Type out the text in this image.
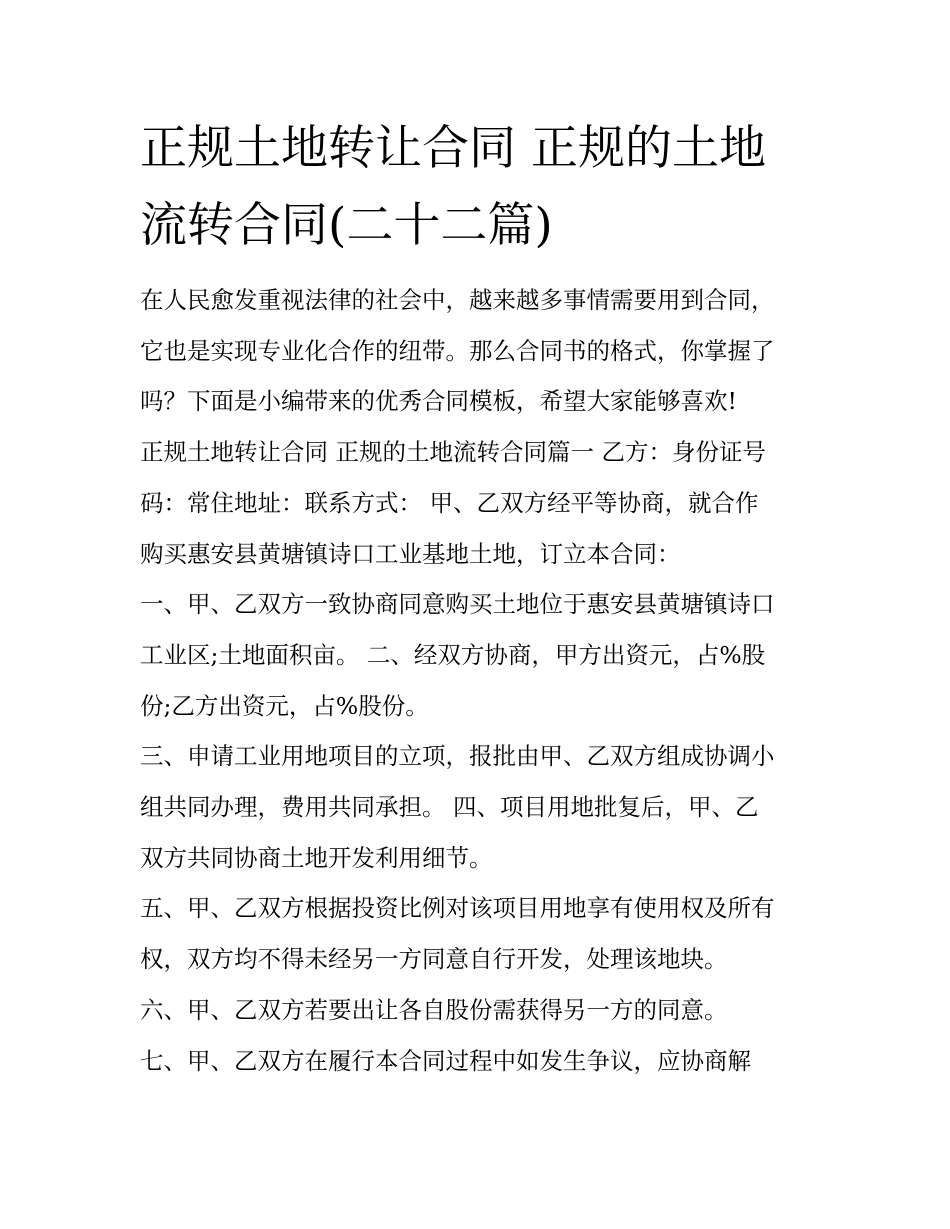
正规土地转让合同 正规的土地
流转合同(二十二篇)

在人民愈发重视法律的社会中，越来越多事情需要用到合同，
它也是实现专业化合作的纽带。那么合同书的格式，你掌握了
吗？下面是小编带来的优秀合同模板，希望大家能够喜欢!

正规土地转让合同 正规的土地流转合同篇一 乙方：身份证号
码：常住地址：联系方式： 甲、乙双方经平等协商，就合作
购买惠安县黄塘镇诗口工业基地土地，订立本合同：

一、甲、乙双方一致协商同意购买土地位于惠安县黄塘镇诗口
工业区;土地面积亩。 二、经双方协商，甲方出资元，占%股
份;乙方出资元，占%股份。

三、申请工业用地项目的立项，报批由甲、乙双方组成协调小
组共同办理，费用共同承担。 四、项目用地批复后，甲、乙
双方共同协商土地开发利用细节。

五、甲、乙双方根据投资比例对该项目用地享有使用权及所有
权，双方均不得未经另一方同意自行开发，处理该地块。

六、甲、乙双方若要出让各自股份需获得另一方的同意。

七、甲、乙双方在履行本合同过程中如发生争议，应协商解
